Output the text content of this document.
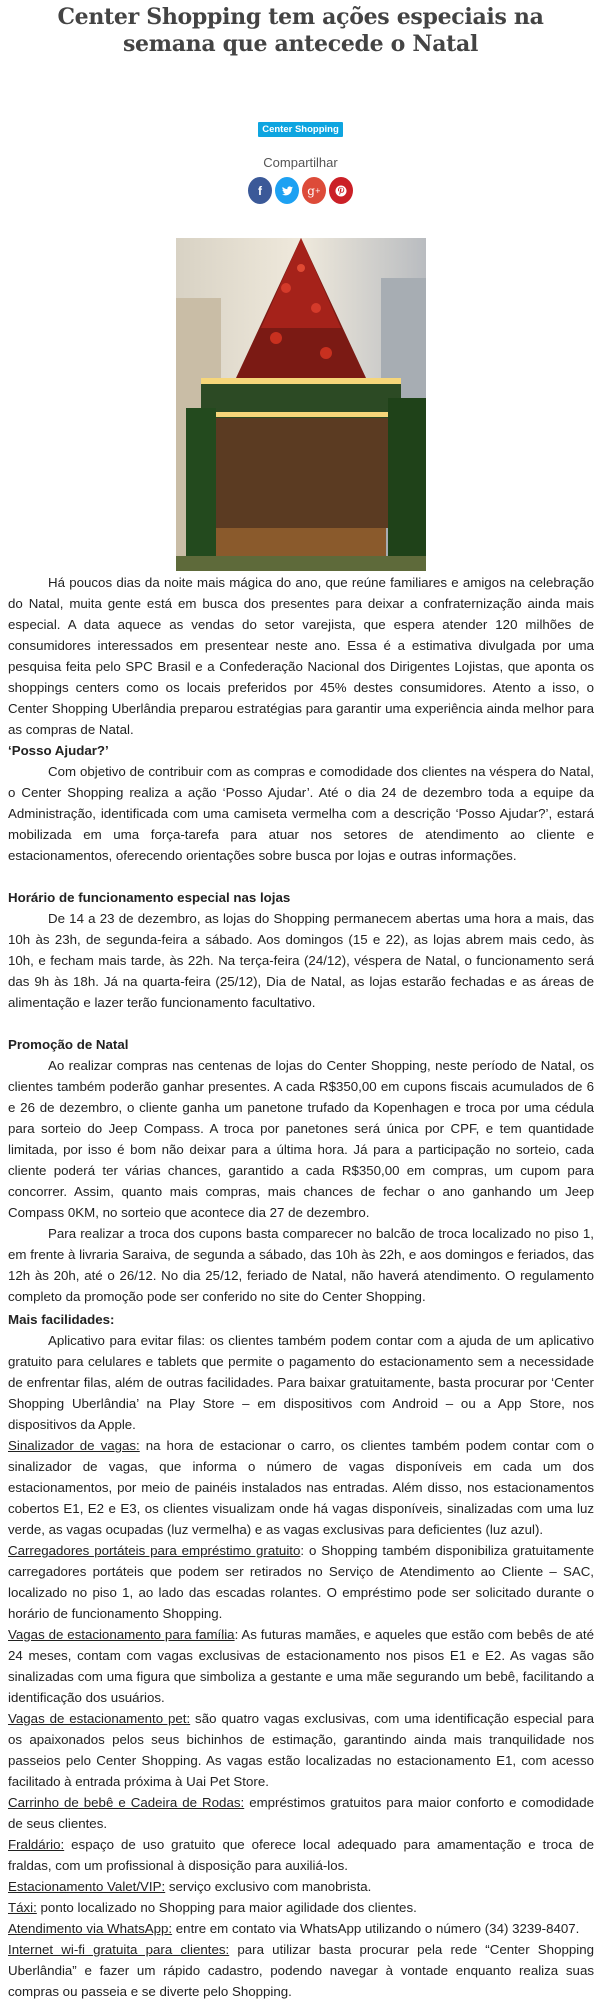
Center Shopping tem ações especiais na semana que antecede o Natal
Center Shopping
Compartilhar
f	g +

Há poucos dias da noite mais mágica do ano, que reúne familiares e amigos na celebração do Natal, muita gente está em busca dos presentes para deixar a confraternização ainda mais especial. A data aquece as vendas do setor varejista, que espera atender 120 milhões de consumidores interessados em presentear neste ano. Essa é a estimativa divulgada por uma pesquisa feita pelo SPC Brasil e a Confederação Nacional dos Dirigentes Lojistas, que aponta os shoppings centers como os locais preferidos por 45% destes consumidores. Atento a isso, o Center Shopping Uberlândia preparou estratégias para garantir uma experiência ainda melhor para as compras de Natal.

‘Posso Ajudar?’

Com objetivo de contribuir com as compras e comodidade dos clientes na véspera do Natal, o Center Shopping realiza a ação ‘Posso Ajudar’. Até o dia 24 de dezembro toda a equipe da Administração, identificada com uma camiseta vermelha com a descrição ‘Posso Ajudar?’, estará mobilizada em uma força-tarefa para atuar nos setores de atendimento ao cliente e estacionamentos, oferecendo orientações sobre busca por lojas e outras informações.

Horário de funcionamento especial nas lojas

De 14 a 23 de dezembro, as lojas do Shopping permanecem abertas uma hora a mais, das 10h às 23h, de segunda-feira a sábado. Aos domingos (15 e 22), as lojas abrem mais cedo, às 10h, e fecham mais tarde, às 22h. Na terça-feira (24/12), véspera de Natal, o funcionamento será das 9h às 18h. Já na quarta-feira (25/12), Dia de Natal, as lojas estarão fechadas e as áreas de alimentação e lazer terão funcionamento facultativo.

Promoção de Natal

Ao realizar compras nas centenas de lojas do Center Shopping, neste período de Natal, os clientes também poderão ganhar presentes. A cada R$350,00 em cupons fiscais acumulados de 6 e 26 de dezembro, o cliente ganha um panetone trufado da Kopenhagen e troca por uma cédula para sorteio do Jeep Compass. A troca por panetones será única por CPF, e tem quantidade limitada, por isso é bom não deixar para a última hora. Já para a participação no sorteio, cada cliente poderá ter várias chances, garantido a cada R$350,00 em compras, um cupom para concorrer. Assim, quanto mais compras, mais chances de fechar o ano ganhando um Jeep Compass 0KM, no sorteio que acontece dia 27 de dezembro.

Para realizar a troca dos cupons basta comparecer no balcão de troca localizado no piso 1, em frente à livraria Saraiva, de segunda a sábado, das 10h às 22h, e aos domingos e feriados, das 12h às 20h, até o 26/12. No dia 25/12, feriado de Natal, não haverá atendimento. O regulamento completo da promoção pode ser conferido no site do Center Shopping.

Mais facilidades:

Aplicativo para evitar filas: os clientes também podem contar com a ajuda de um aplicativo gratuito para celulares e tablets que permite o pagamento do estacionamento sem a necessidade de enfrentar filas, além de outras facilidades. Para baixar gratuitamente, basta procurar por ‘Center Shopping Uberlândia’ na Play Store – em dispositivos com Android – ou a App Store, nos dispositivos da Apple.

Sinalizador de vagas: na hora de estacionar o carro, os clientes também podem contar com o sinalizador de vagas, que informa o número de vagas disponíveis em cada um dos estacionamentos, por meio de painéis instalados nas entradas. Além disso, nos estacionamentos cobertos E1, E2 e E3, os clientes visualizam onde há vagas disponíveis, sinalizadas com uma luz verde, as vagas ocupadas (luz vermelha) e as vagas exclusivas para deficientes (luz azul).

Carregadores portáteis para empréstimo gratuito: o Shopping também disponibiliza gratuitamente carregadores portáteis que podem ser retirados no Serviço de Atendimento ao Cliente – SAC, localizado no piso 1, ao lado das escadas rolantes. O empréstimo pode ser solicitado durante o horário de funcionamento Shopping.

Vagas de estacionamento para família: As futuras mamães, e aqueles que estão com bebês de até 24 meses, contam com vagas exclusivas de estacionamento nos pisos E1 e E2. As vagas são sinalizadas com uma figura que simboliza a gestante e uma mãe segurando um bebê, facilitando a identificação dos usuários.

Vagas de estacionamento pet: são quatro vagas exclusivas, com uma identificação especial para os apaixonados pelos seus bichinhos de estimação, garantindo ainda mais tranquilidade nos passeios pelo Center Shopping. As vagas estão localizadas no estacionamento E1, com acesso facilitado à entrada próxima à Uai Pet Store.

Carrinho de bebê e Cadeira de Rodas: empréstimos gratuitos para maior conforto e comodidade de seus clientes.

Fraldário: espaço de uso gratuito que oferece local adequado para amamentação e troca de fraldas, com um profissional à disposição para auxiliá-los.

Estacionamento Valet/VIP: serviço exclusivo com manobrista.

Táxi: ponto localizado no Shopping para maior agilidade dos clientes.

Atendimento via WhatsApp: entre em contato via WhatsApp utilizando o número (34) 3239-8407.

Internet wi-fi gratuita para clientes: para utilizar basta procurar pela rede “Center Shopping Uberlândia” e fazer um rápido cadastro, podendo navegar à vontade enquanto realiza suas compras ou passeia e se diverte pelo Shopping.
